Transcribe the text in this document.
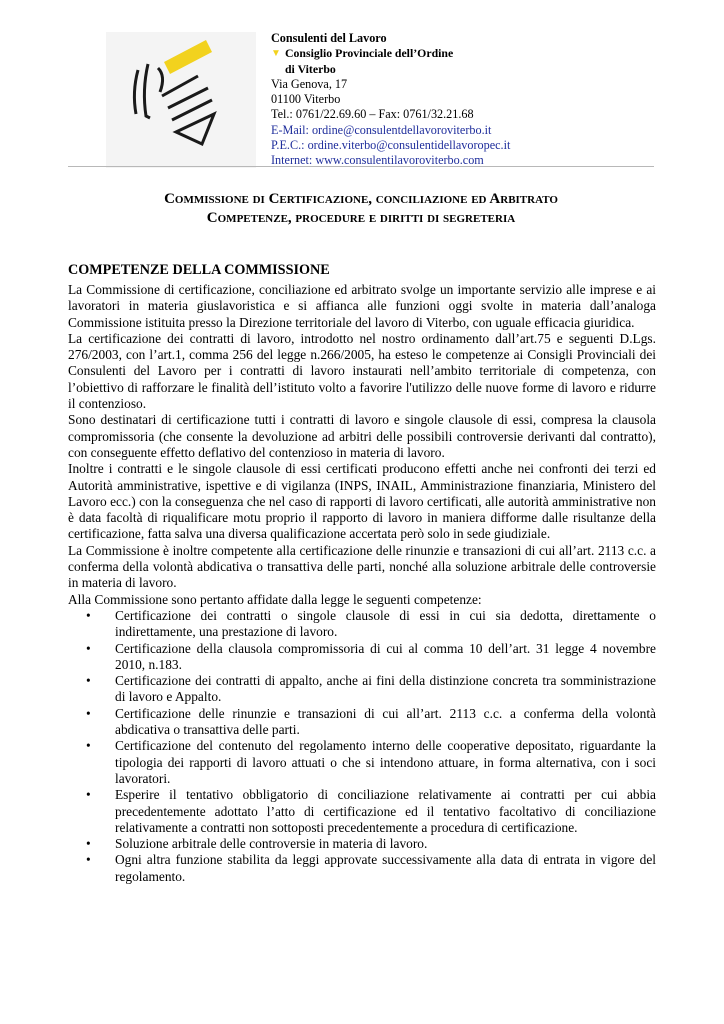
Consulenti del Lavoro
▼ Consiglio Provinciale dell’Ordine
di Viterbo
Via Genova, 17
01100 Viterbo
Tel.: 0761/22.69.60 – Fax: 0761/32.21.68
E-Mail: ordine@consulentdellavoroviterbo.it
P.E.C.: ordine.viterbo@consulentidellavoropec.it
Internet: www.consulentilavoroviterbo.com
Commissione di Certificazione, conciliazione ed Arbitrato
Competenze, procedure e diritti di segreteria
COMPETENZE DELLA COMMISSIONE

La Commissione di certificazione, conciliazione ed arbitrato svolge un importante servizio alle imprese e ai lavoratori in materia giuslavoristica e si affianca alle funzioni oggi svolte in materia dall’analoga Commissione istituita presso la Direzione territoriale del lavoro di Viterbo, con uguale efficacia giuridica.

La certificazione dei contratti di lavoro, introdotto nel nostro ordinamento dall’art.75 e seguenti D.Lgs. 276/2003, con l’art.1, comma 256 del legge n.266/2005, ha esteso le competenze ai Consigli Provinciali dei Consulenti del Lavoro per i contratti di lavoro instaurati nell’ambito territoriale di competenza, con l’obiettivo di rafforzare le finalità dell’istituto volto a favorire l'utilizzo delle nuove forme di lavoro e ridurre il contenzioso.

Sono destinatari di certificazione tutti i contratti di lavoro e singole clausole di essi, compresa la clausola compromissoria (che consente la devoluzione ad arbitri delle possibili controversie derivanti dal contratto), con conseguente effetto deflativo del contenzioso in materia di lavoro.

Inoltre i contratti e le singole clausole di essi certificati producono effetti anche nei confronti dei terzi ed Autorità amministrative, ispettive e di vigilanza (INPS, INAIL, Amministrazione finanziaria, Ministero del Lavoro ecc.) con la conseguenza che nel caso di rapporti di lavoro certificati, alle autorità amministrative non è data facoltà di riqualificare motu proprio il rapporto di lavoro in maniera difforme dalle risultanze della certificazione, fatta salva una diversa qualificazione accertata però solo in sede giudiziale.

La Commissione è inoltre competente alla certificazione delle rinunzie e transazioni di cui all’art. 2113 c.c. a conferma della volontà abdicativa o transattiva delle parti, nonché alla soluzione arbitrale delle controversie in materia di lavoro.

Alla Commissione sono pertanto affidate dalla legge le seguenti competenze:

• Certificazione dei contratti o singole clausole di essi in cui sia dedotta, direttamente o indirettamente, una prestazione di lavoro.
• Certificazione della clausola compromissoria di cui al comma 10 dell’art. 31 legge 4 novembre 2010, n.183.
• Certificazione dei contratti di appalto, anche ai fini della distinzione concreta tra somministrazione di lavoro e Appalto.
• Certificazione delle rinunzie e transazioni di cui all’art. 2113 c.c. a conferma della volontà abdicativa o transattiva delle parti.
• Certificazione del contenuto del regolamento interno delle cooperative depositato, riguardante la tipologia dei rapporti di lavoro attuati o che si intendono attuare, in forma alternativa, con i soci lavoratori.
• Esperire il tentativo obbligatorio di conciliazione relativamente ai contratti per cui abbia precedentemente adottato l’atto di certificazione ed il tentativo facoltativo di conciliazione relativamente a contratti non sottoposti precedentemente a procedura di certificazione.
• Soluzione arbitrale delle controversie in materia di lavoro.
• Ogni altra funzione stabilita da leggi approvate successivamente alla data di entrata in vigore del regolamento.
